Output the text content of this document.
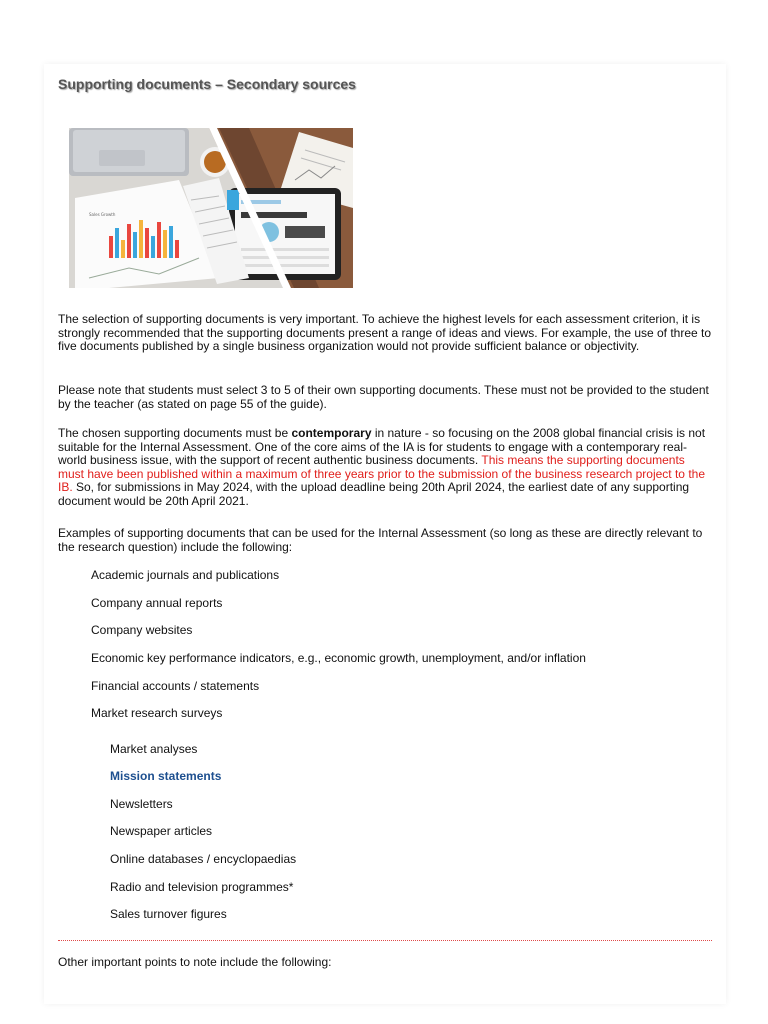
Supporting documents – Secondary sources
Sales Growth

The selection of supporting documents is very important. To achieve the highest levels for each assessment criterion, it is strongly recommended that the supporting documents present a range of ideas and views. For example, the use of three to five documents published by a single business organization would not provide sufficient balance or objectivity.

Please note that students must select 3 to 5 of their own supporting documents. These must not be provided to the student by the teacher (as stated on page 55 of the guide).

The chosen supporting documents must be contemporary in nature - so focusing on the 2008 global financial crisis is not suitable for the Internal Assessment. One of the core aims of the IA is for students to engage with a contemporary real-world business issue, with the support of recent authentic business documents. This means the supporting documents must have been published within a maximum of three years prior to the submission of the business research project to the IB. So, for submissions in May 2024, with the upload deadline being 20th April 2024, the earliest date of any supporting document would be 20th April 2021.

Examples of supporting documents that can be used for the Internal Assessment (so long as these are directly relevant to the research question) include the following:

Academic journals and publications
Company annual reports
Company websites
Economic key performance indicators, e.g., economic growth, unemployment, and/or inflation
Financial accounts / statements
Market research surveys
Market analyses
Mission statements
Newsletters
Newspaper articles
Online databases / encyclopaedias
Radio and television programmes*
Sales turnover figures

Other important points to note include the following:
